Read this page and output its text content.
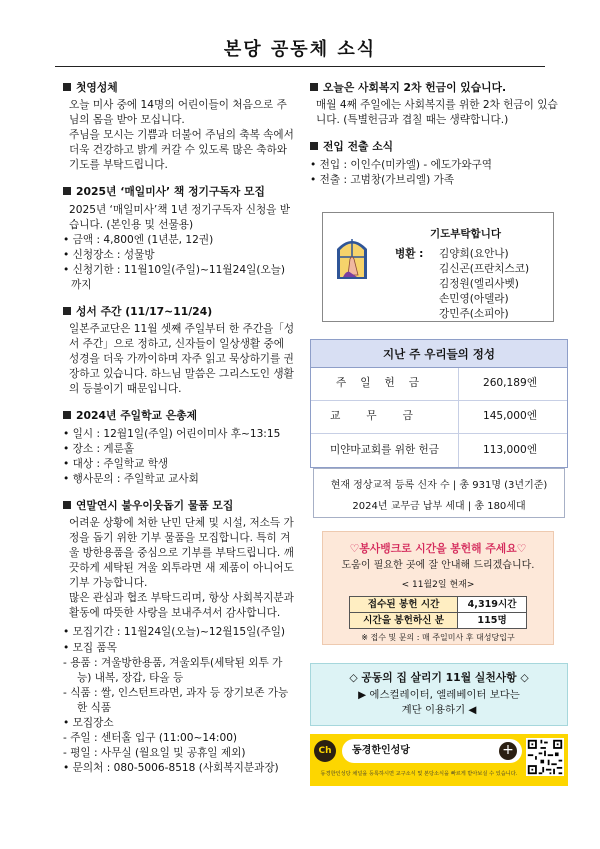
본당 공동체 소식
첫영성체

오늘 미사 중에 14명의 어린이들이 처음으로 주님의 몸을 받아 모십니다.

주님을 모시는 기쁨과 더불어 주님의 축복 속에서 더욱 건강하고 밝게 커갈 수 있도록 많은 축하와 기도를 부탁드립니다.

2025년 ‘매일미사’ 책 정기구독자 모집

2025년 ‘매일미사’책 1년 정기구독자 신청을 받습니다. (본인용 및 선물용)

• 금액 : 4,800엔 (1년분, 12권)

• 신청장소 : 성물방

• 신청기한 : 11월10일(주일)~11월24일(오늘)까지

성서 주간 (11/17~11/24)

일본주교단은 11월 셋째 주일부터 한 주간을「성서 주간」으로 정하고, 신자들이 일상생활 중에 성경을 더욱 가까이하며 자주 읽고 묵상하기를 권장하고 있습니다. 하느님 말씀은 그리스도인 생활의 등불이기 때문입니다.

2024년 주일학교 은총제

• 일시 : 12월1일(주일) 어린이미사 후~13:15

• 장소 : 게룬홀

• 대상 : 주일학교 학생

• 행사문의 : 주일학교 교사회

연말연시 불우이웃돕기 물품 모집

어려운 상황에 처한 난민 단체 및 시설, 저소득 가정을 돕기 위한 기부 물품을 모집합니다. 특히 겨울 방한용품을 중심으로 기부를 부탁드립니다. 깨끗하게 세탁된 겨울 외투라면 새 제품이 아니어도 기부 가능합니다.

많은 관심과 협조 부탁드리며, 항상 사회복지분과 활동에 따뜻한 사랑을 보내주셔서 감사합니다.

• 모집기간 : 11월24일(오늘)~12월15일(주일)

• 모집 품목

- 용품 : 겨울방한용품, 겨울외투(세탁된 외투 가능) 내복, 장갑, 타올 등

- 식품 : 쌀, 인스턴트라면, 과자 등 장기보존 가능한 식품

• 모집장소

- 주일 : 센터홀 입구 (11:00~14:00)

- 평일 : 사무실 (월요일 및 공휴일 제외)

• 문의처 : 080-5006-8518 (사회복지분과장)

오늘은 사회복지 2차 헌금이 있습니다.

매월 4째 주일에는 사회복지를 위한 2차 헌금이 있습니다. (특별헌금과 겹칠 때는 생략합니다.)

전입 전출 소식

• 전입 : 이인수(미카엘) - 에도가와구역

• 전출 : 고범창(가브리엘) 가족

기도부탁합니다
병환 : 김양희(요안나)
김신곤(프란치스코)
김정원(엘리사벳)
손민영(아델라)
강민주(소피아)
지난 주 우리들의 정성
주일헌금	260,189엔
교무금	145,000엔
미얀마교회를 위한 헌금	113,000엔
현재 정상교적 등록 신자 수 | 총 931명 (3년기준)
2024년 교무금 납부 세대 | 총 180세대
♡봉사뱅크로 시간을 봉헌해 주세요♡
도움이 필요한 곳에 잘 안내해 드리겠습니다.
< 11월2일 현재>
접수된 봉헌 시간	4,319시간
시간을 봉헌하신 분	115명
※ 접수 및 문의 : 매 주일미사 후 대성당입구
◇ 공동의 집 살리기 11월 실천사항 ◇
▶ 에스컬레이터, 엘레베이터 보다는
계단 이용하기 ◀
Ch	동경한인성당	+
동경한인성당 채널을 등록하시면 교구소식 및 본당소식을 빠르게 받아보실 수 있습니다.
